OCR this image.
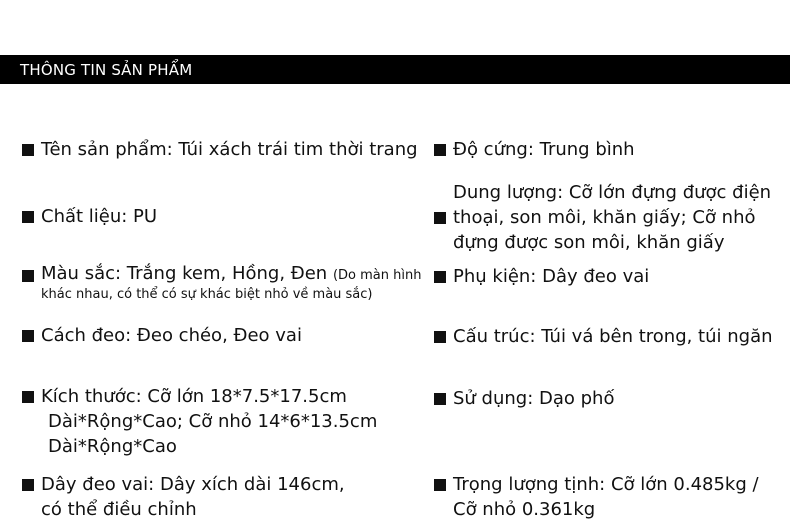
THÔNG TIN SẢN PHẨM
Tên sản phẩm: Túi xách trái tim thời trang
Chất liệu: PU
Màu sắc: Trắng kem, Hồng, Đen (Do màn hình
khác nhau, có thể có sự khác biệt nhỏ về màu sắc)
Cách đeo: Đeo chéo, Đeo vai
Kích thước: Cỡ lớn 18*7.5*17.5cm
Dài*Rộng*Cao; Cỡ nhỏ 14*6*13.5cm
Dài*Rộng*Cao
Dây đeo vai: Dây xích dài 146cm,
có thể điều chỉnh
Độ cứng: Trung bình
Dung lượng: Cỡ lớn đựng được điện
thoại, son môi, khăn giấy; Cỡ nhỏ
đựng được son môi, khăn giấy
Phụ kiện: Dây đeo vai
Cấu trúc: Túi vá bên trong, túi ngăn
Sử dụng: Dạo phố
Trọng lượng tịnh: Cỡ lớn 0.485kg /
Cỡ nhỏ 0.361kg
